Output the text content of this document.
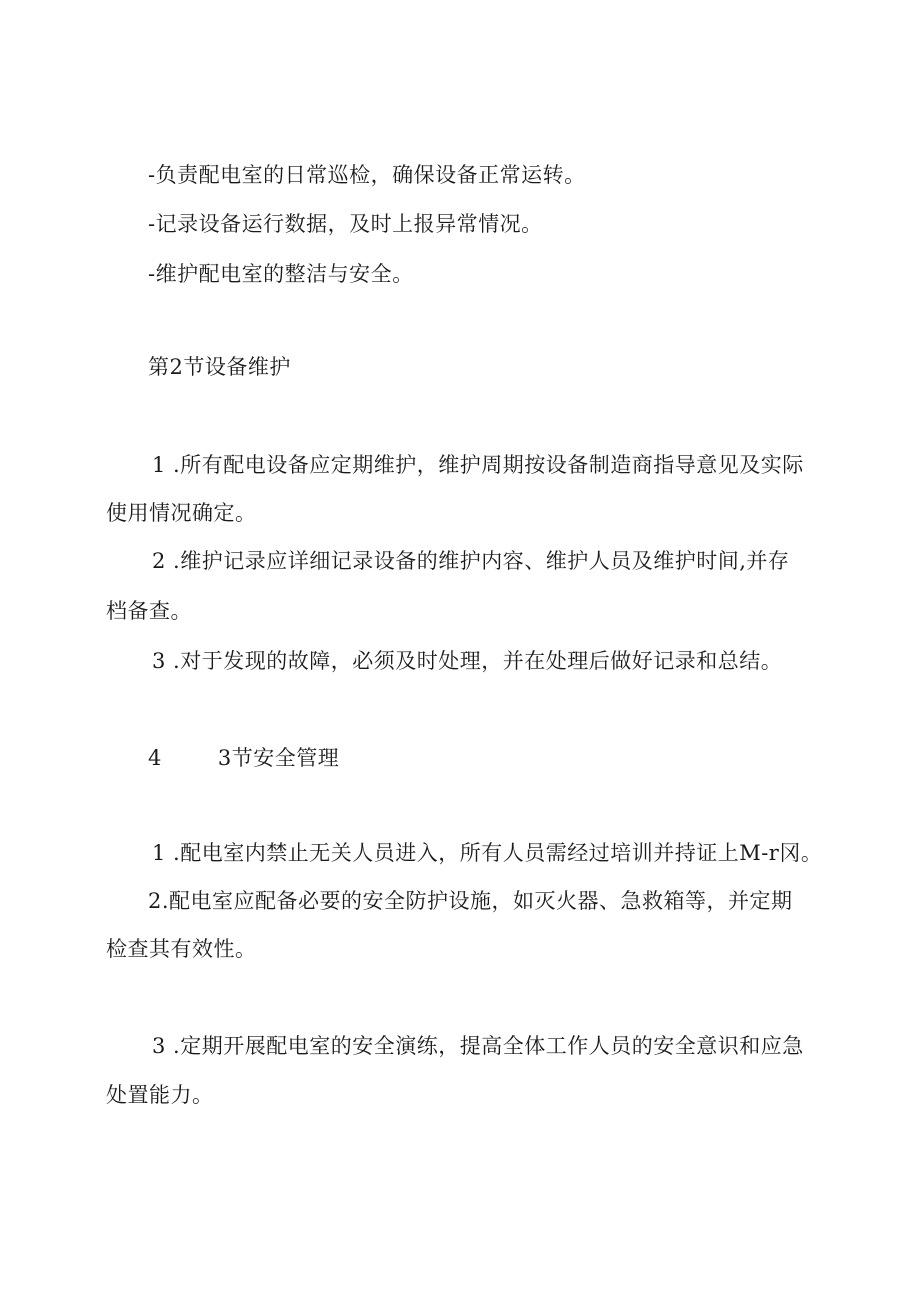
-负责配电室的日常巡检，确保设备正常运转。
-记录设备运行数据，及时上报异常情况。
-维护配电室的整洁与安全。
第2节设备维护
1 .所有配电设备应定期维护，维护周期按设备制造商指导意见及实际
使用情况确定。
2 .维护记录应详细记录设备的维护内容、维护人员及维护时间,并存
档备查。
3 .对于发现的故障，必须及时处理，并在处理后做好记录和总结。
4	3节安全管理
1 .配电室内禁止无关人员进入，所有人员需经过培训并持证上M-r冈。
2.配电室应配备必要的安全防护设施，如灭火器、急救箱等，并定期
检查其有效性。
3 .定期开展配电室的安全演练，提高全体工作人员的安全意识和应急
处置能力。
